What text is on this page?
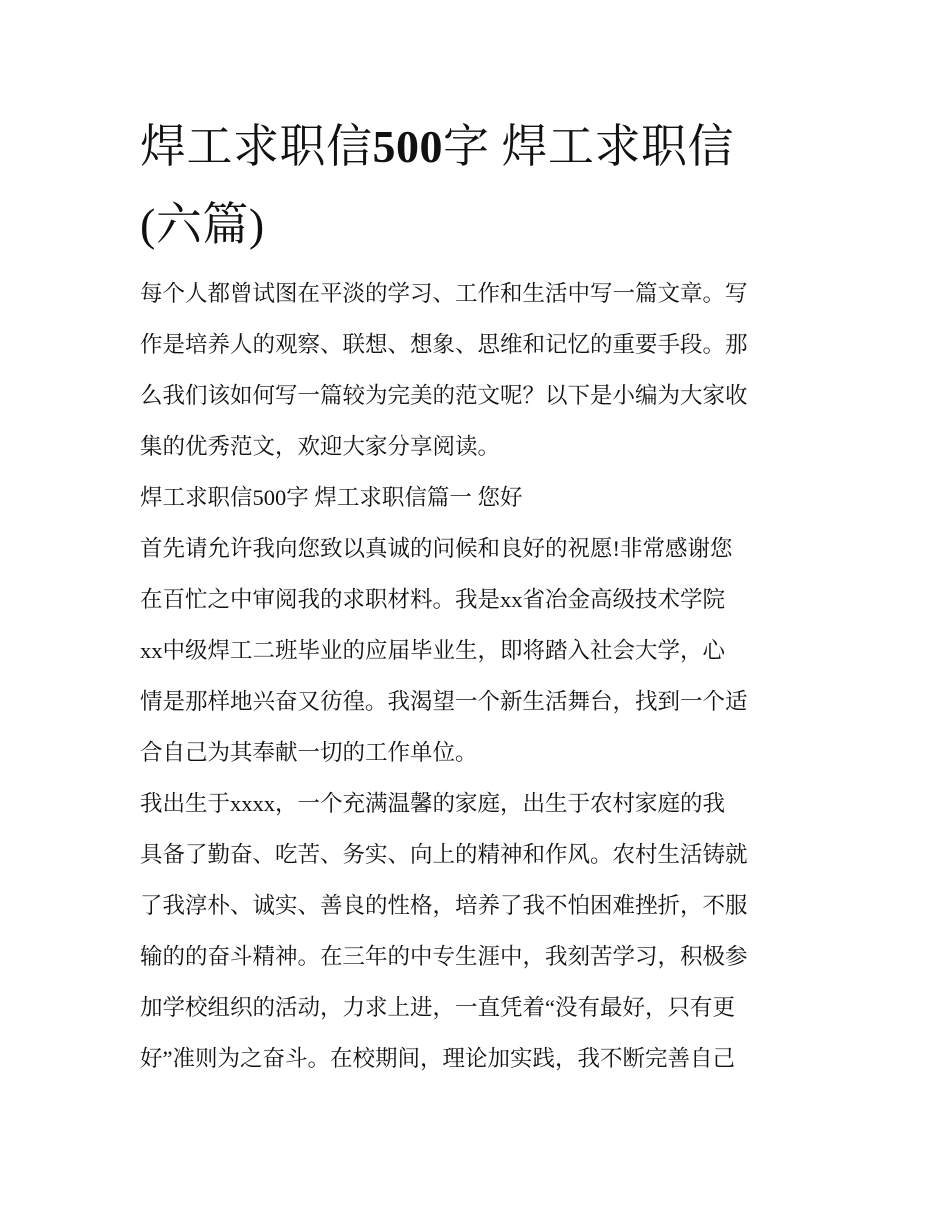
焊工求职信500字 焊工求职信
(六篇)

每个人都曾试图在平淡的学习、工作和生活中写一篇文章。写
作是培养人的观察、联想、想象、思维和记忆的重要手段。那
么我们该如何写一篇较为完美的范文呢？以下是小编为大家收
集的优秀范文，欢迎大家分享阅读。

焊工求职信500字 焊工求职信篇一 您好

首先请允许我向您致以真诚的问候和良好的祝愿!非常感谢您
在百忙之中审阅我的求职材料。我是xx省冶金高级技术学院
xx中级焊工二班毕业的应届毕业生，即将踏入社会大学，心
情是那样地兴奋又彷徨。我渴望一个新生活舞台，找到一个适
合自己为其奉献一切的工作单位。

我出生于xxxx，一个充满温馨的家庭，出生于农村家庭的我
具备了勤奋、吃苦、务实、向上的精神和作风。农村生活铸就
了我淳朴、诚实、善良的性格，培养了我不怕困难挫折，不服
输的的奋斗精神。在三年的中专生涯中，我刻苦学习，积极参
加学校组织的活动，力求上进，一直凭着“没有最好，只有更
好”准则为之奋斗。在校期间，理论加实践，我不断完善自己
